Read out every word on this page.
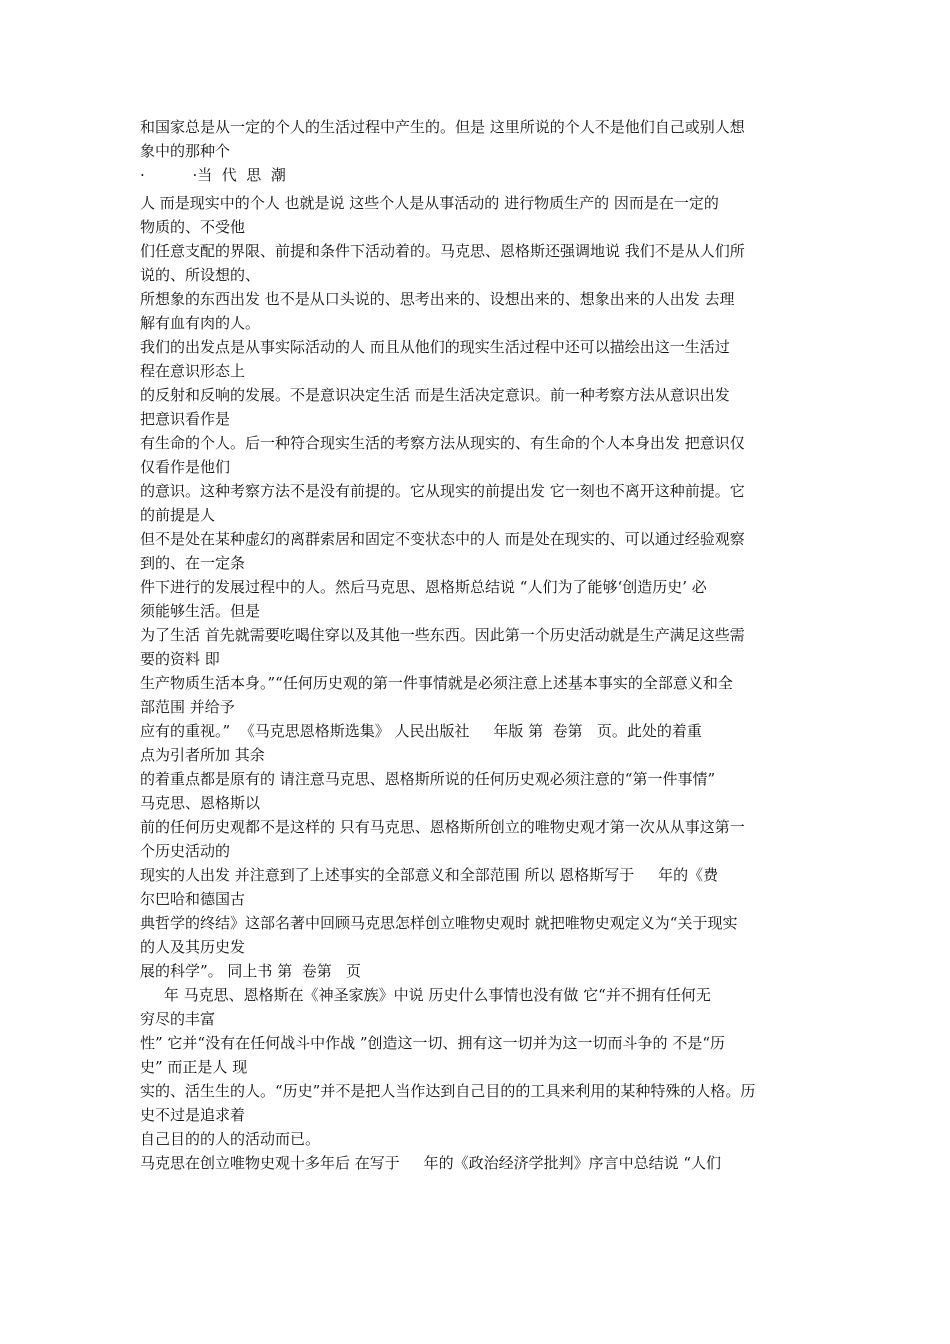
和国家总是从一定的个人的生活过程中产生的。但是 这里所说的个人不是他们自己或别人想
象中的那种个
·          ·当  代  思  潮
人 而是现实中的个人 也就是说 这些个人是从事活动的 进行物质生产的 因而是在一定的
物质的、不受他
们任意支配的界限、前提和条件下活动着的。马克思、恩格斯还强调地说 我们不是从人们所
说的、所设想的、
所想象的东西出发 也不是从口头说的、思考出来的、设想出来的、想象出来的人出发 去理
解有血有肉的人。
我们的出发点是从事实际活动的人 而且从他们的现实生活过程中还可以描绘出这一生活过
程在意识形态上
的反射和反响的发展。不是意识决定生活 而是生活决定意识。前一种考察方法从意识出发
把意识看作是
有生命的个人。后一种符合现实生活的考察方法从现实的、有生命的个人本身出发 把意识仅
仅看作是他们
的意识。这种考察方法不是没有前提的。它从现实的前提出发 它一刻也不离开这种前提。它
的前提是人
但不是处在某种虚幻的离群索居和固定不变状态中的人 而是处在现实的、可以通过经验观察
到的、在一定条
件下进行的发展过程中的人。然后马克思、恩格斯总结说 “人们为了能够‘创造历史’ 必
须能够生活。但是
为了生活 首先就需要吃喝住穿以及其他一些东西。因此第一个历史活动就是生产满足这些需
要的资料 即
生产物质生活本身。”“任何历史观的第一件事情就是必须注意上述基本事实的全部意义和全
部范围 并给予
应有的重视。”  《马克思恩格斯选集》 人民出版社     年版 第  卷第   页。此处的着重
点为引者所加 其余
的着重点都是原有的 请注意马克思、恩格斯所说的任何历史观必须注意的“第一件事情”
马克思、恩格斯以
前的任何历史观都不是这样的 只有马克思、恩格斯所创立的唯物史观才第一次从从事这第一
个历史活动的
现实的人出发 并注意到了上述事实的全部意义和全部范围 所以 恩格斯写于     年的《费
尔巴哈和德国古
典哲学的终结》这部名著中回顾马克思怎样创立唯物史观时 就把唯物史观定义为“关于现实
的人及其历史发
展的科学”。 同上书 第  卷第   页
年 马克思、恩格斯在《神圣家族》中说 历史什么事情也没有做 它“并不拥有任何无
穷尽的丰富
性” 它并“没有在任何战斗中作战 ”创造这一切、拥有这一切并为这一切而斗争的 不是“历
史” 而正是人 现
实的、活生生的人。“历史”并不是把人当作达到自己目的的工具来利用的某种特殊的人格。历
史不过是追求着
自己目的的人的活动而已。
马克思在创立唯物史观十多年后 在写于     年的《政治经济学批判》序言中总结说 “人们
